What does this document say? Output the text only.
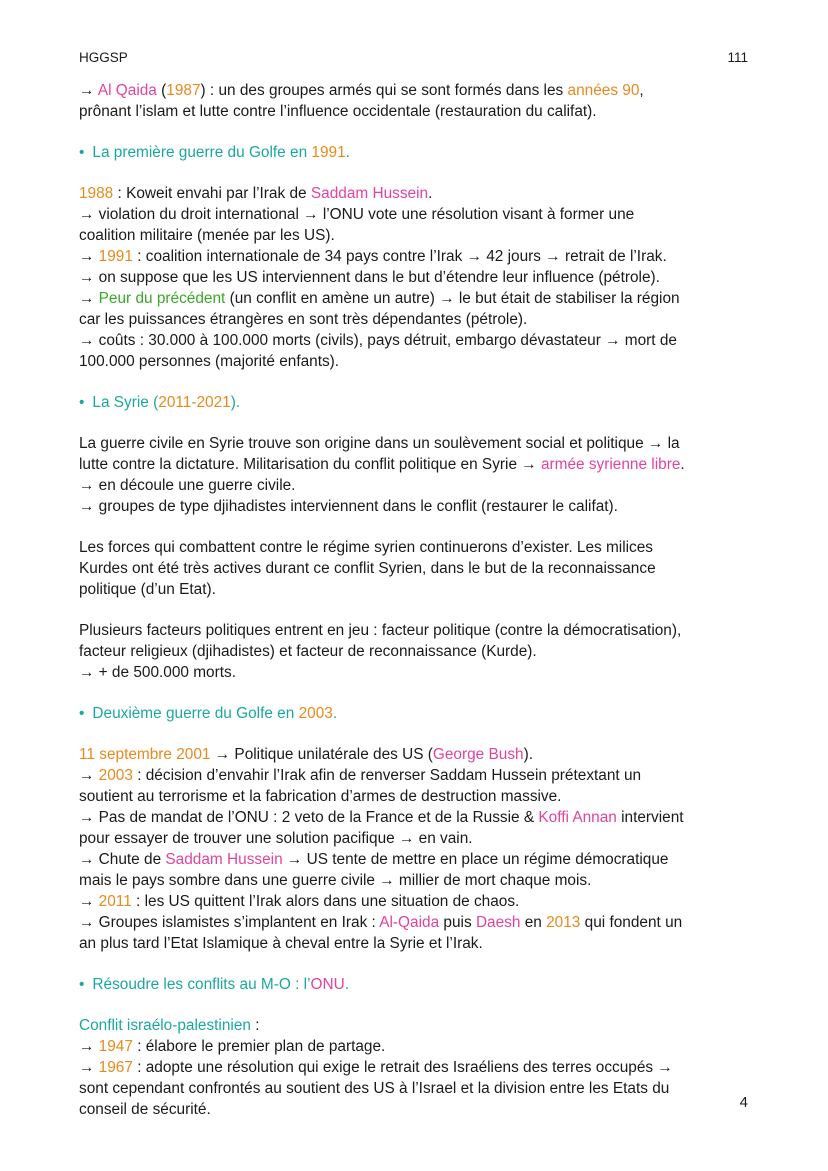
HGGSP	111
→ Al Qaida (1987) : un des groupes armés qui se sont formés dans les années 90,
prônant l’islam et lutte contre l’influence occidentale (restauration du califat).
• La première guerre du Golfe en 1991.
1988 : Koweit envahi par l’Irak de Saddam Hussein.
→ violation du droit international → l’ONU vote une résolution visant à former une
coalition militaire (menée par les US).
→ 1991 : coalition internationale de 34 pays contre l’Irak → 42 jours → retrait de l’Irak.
→ on suppose que les US interviennent dans le but d’étendre leur influence (pétrole).
→ Peur du précédent (un conflit en amène un autre) → le but était de stabiliser la région
car les puissances étrangères en sont très dépendantes (pétrole).
→ coûts : 30.000 à 100.000 morts (civils), pays détruit, embargo dévastateur → mort de
100.000 personnes (majorité enfants).
• La Syrie (2011-2021).
La guerre civile en Syrie trouve son origine dans un soulèvement social et politique → la
lutte contre la dictature. Militarisation du conflit politique en Syrie → armée syrienne libre.
→ en découle une guerre civile.
→ groupes de type djihadistes interviennent dans le conflit (restaurer le califat).
Les forces qui combattent contre le régime syrien continuerons d’exister. Les milices
Kurdes ont été très actives durant ce conflit Syrien, dans le but de la reconnaissance
politique (d’un Etat).
Plusieurs facteurs politiques entrent en jeu : facteur politique (contre la démocratisation),
facteur religieux (djihadistes) et facteur de reconnaissance (Kurde).
→ + de 500.000 morts.
• Deuxième guerre du Golfe en 2003.
11 septembre 2001 → Politique unilatérale des US (George Bush).
→ 2003 : décision d’envahir l’Irak afin de renverser Saddam Hussein prétextant un
soutient au terrorisme et la fabrication d’armes de destruction massive.
→ Pas de mandat de l’ONU : 2 veto de la France et de la Russie & Koffi Annan intervient
pour essayer de trouver une solution pacifique → en vain.
→ Chute de Saddam Hussein → US tente de mettre en place un régime démocratique
mais le pays sombre dans une guerre civile → millier de mort chaque mois.
→ 2011 : les US quittent l’Irak alors dans une situation de chaos.
→ Groupes islamistes s’implantent en Irak : Al-Qaida puis Daesh en 2013 qui fondent un
an plus tard l’Etat Islamique à cheval entre la Syrie et l’Irak.
• Résoudre les conflits au M-O : l’ONU.
Conflit israélo-palestinien :
→ 1947 : élabore le premier plan de partage.
→ 1967 : adopte une résolution qui exige le retrait des Israéliens des terres occupés →
sont cependant confrontés au soutient des US à l’Israel et la division entre les Etats du
conseil de sécurité.	4
